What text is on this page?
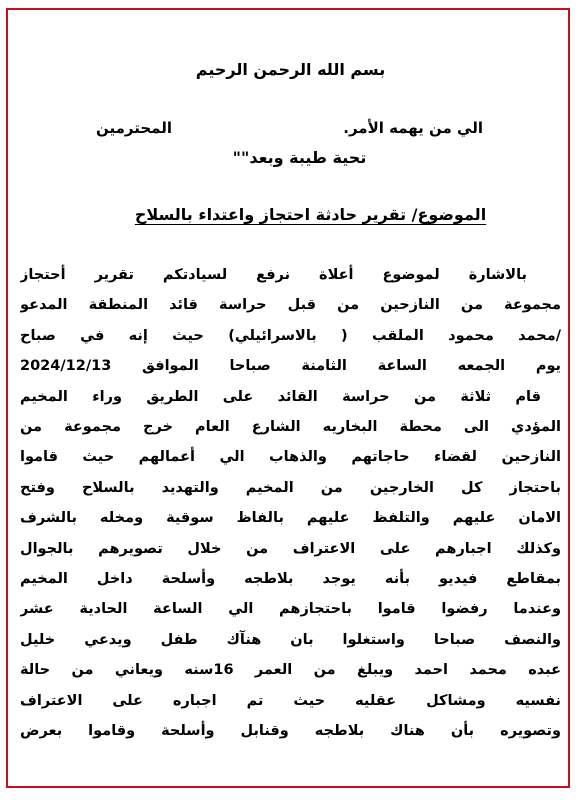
بسم الله الرحمن الرحيم
الي من يهمه الأمر.
المحترمين
تحية طيبة وبعد""
الموضوع/ تقرير حادثة احتجاز واعتداء بالسلاح
بالاشارة لموضوع أعلاة نرفع لسيادتكم تقرير أحتجاز
مجموعة من النازحين من قبل حراسة قائد المنطقة المدعو
/محمد محمود الملقب ( بالاسرائيلي) حيث إنه في صباح
يوم الجمعه الساعة الثامنة صباحا الموافق 2024/12/13
قام ثلاثة من حراسة القائد على الطريق وراء المخيم
المؤدي الى محطة البخاريه الشارع العام خرج مجموعة من
النازحين لقضاء حاجاتهم والذهاب الي أعمالهم حيث قاموا
باحتجاز كل الخارجين من المخيم والتهديد بالسلاح وفتح
الامان عليهم والتلفظ عليهم بالفاظ سوقية ومخله بالشرف
وكذلك اجبارهم على الاعتراف من خلال تصويرهم بالجوال
بمقاطع فيديو بأنه يوجد بلاطجه وأسلحة داخل المخيم
وعندما رفضوا قاموا باحتجازهم الي الساعة الحادية عشر
والنصف صباحا واستغلوا بان هنآك طفل ويدعي خليل
عبده محمد احمد ويبلغ من العمر 16سنه ويعاني من حالة
نفسيه ومشاكل عقليه حيث تم اجباره على الاعتراف
وتصويره بأن هناك بلاطجه وقنابل وأسلحة وقاموا بعرض
